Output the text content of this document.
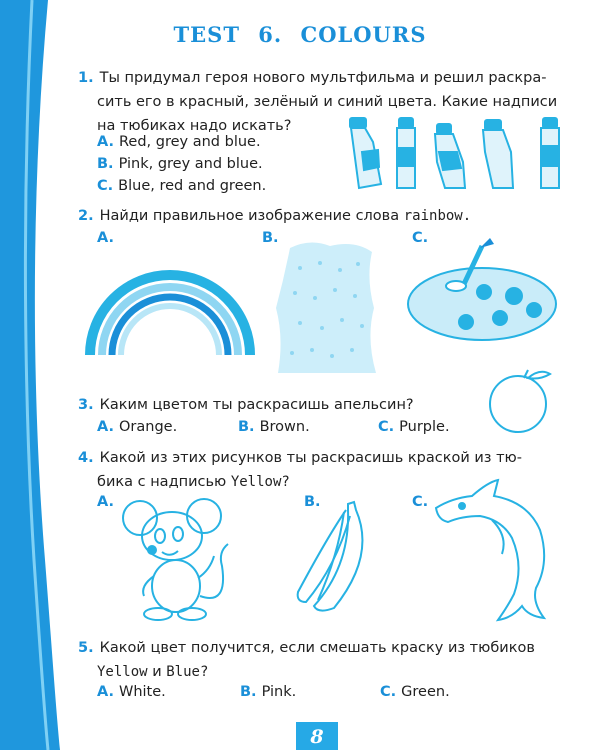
TEST 6. COLOURS
1. Ты придумал героя нового мультфильма и решил раскра-
сить его в красный, зелёный и синий цвета. Какие надписи
на тюбиках надо искать?
A. Red, grey and blue.
B. Pink, grey and blue.
C. Blue, red and green.
2. Найди правильное изображение слова rainbow.
A.	B.	C.
3. Каким цветом ты раскрасишь апельсин?
A. Orange.	B. Brown.	C. Purple.
4. Какой из этих рисунков ты раскрасишь краской из тю-
бика с надписью Yellow?
A.	B.	C.
5. Какой цвет получится, если смешать краску из тюбиков
Yellow и Blue?
A. White.	B. Pink.	C. Green.
8
